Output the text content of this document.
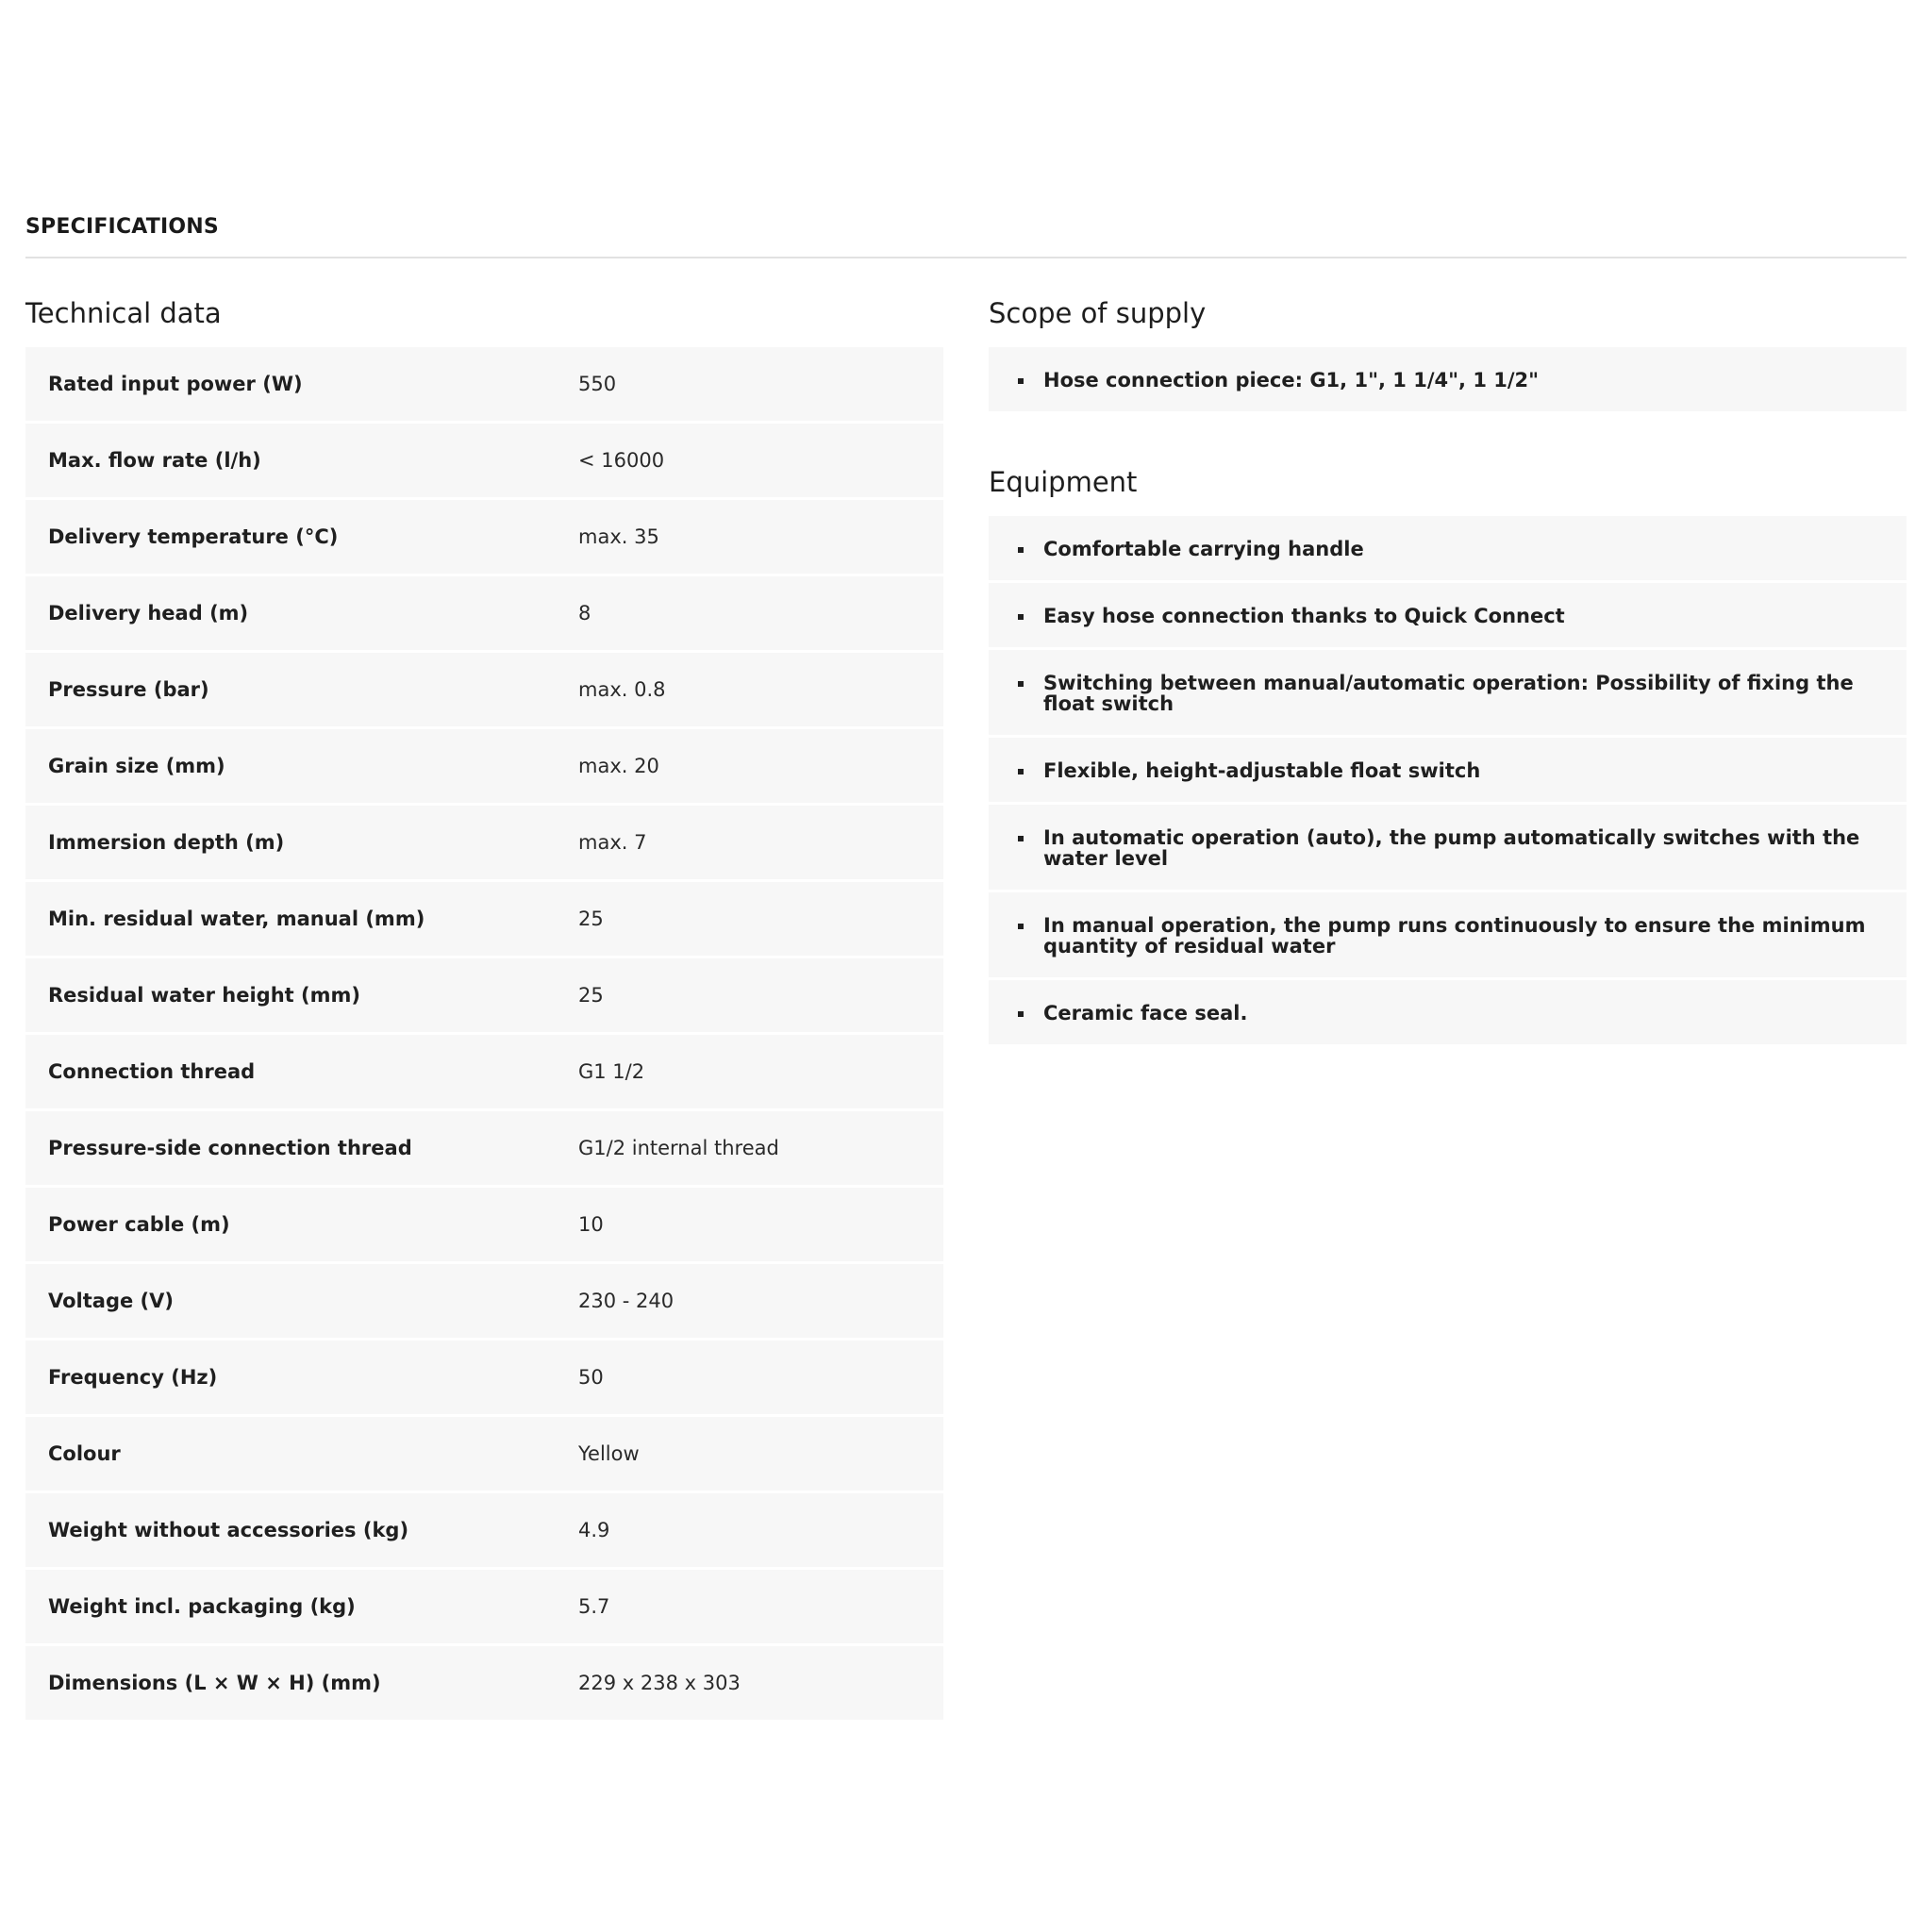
SPECIFICATIONS
Technical data
Rated input power (W)	550
Max. flow rate (l/h)	< 16000
Delivery temperature (°C)	max. 35
Delivery head (m)	8
Pressure (bar)	max. 0.8
Grain size (mm)	max. 20
Immersion depth (m)	max. 7
Min. residual water, manual (mm)	25
Residual water height (mm)	25
Connection thread	G1 1/2
Pressure-side connection thread	G1/2 internal thread
Power cable (m)	10
Voltage (V)	230 - 240
Frequency (Hz)	50
Colour	Yellow
Weight without accessories (kg)	4.9
Weight incl. packaging (kg)	5.7
Dimensions (L × W × H) (mm)	229 x 238 x 303
Scope of supply
Hose connection piece: G1, 1", 1 1/4", 1 1/2"
Equipment
Comfortable carrying handle
Easy hose connection thanks to Quick Connect
Switching between manual/automatic operation: Possibility of fixing the float switch
Flexible, height-adjustable float switch
In automatic operation (auto), the pump automatically switches with the water level
In manual operation, the pump runs continuously to ensure the minimum quantity of residual water
Ceramic face seal.
